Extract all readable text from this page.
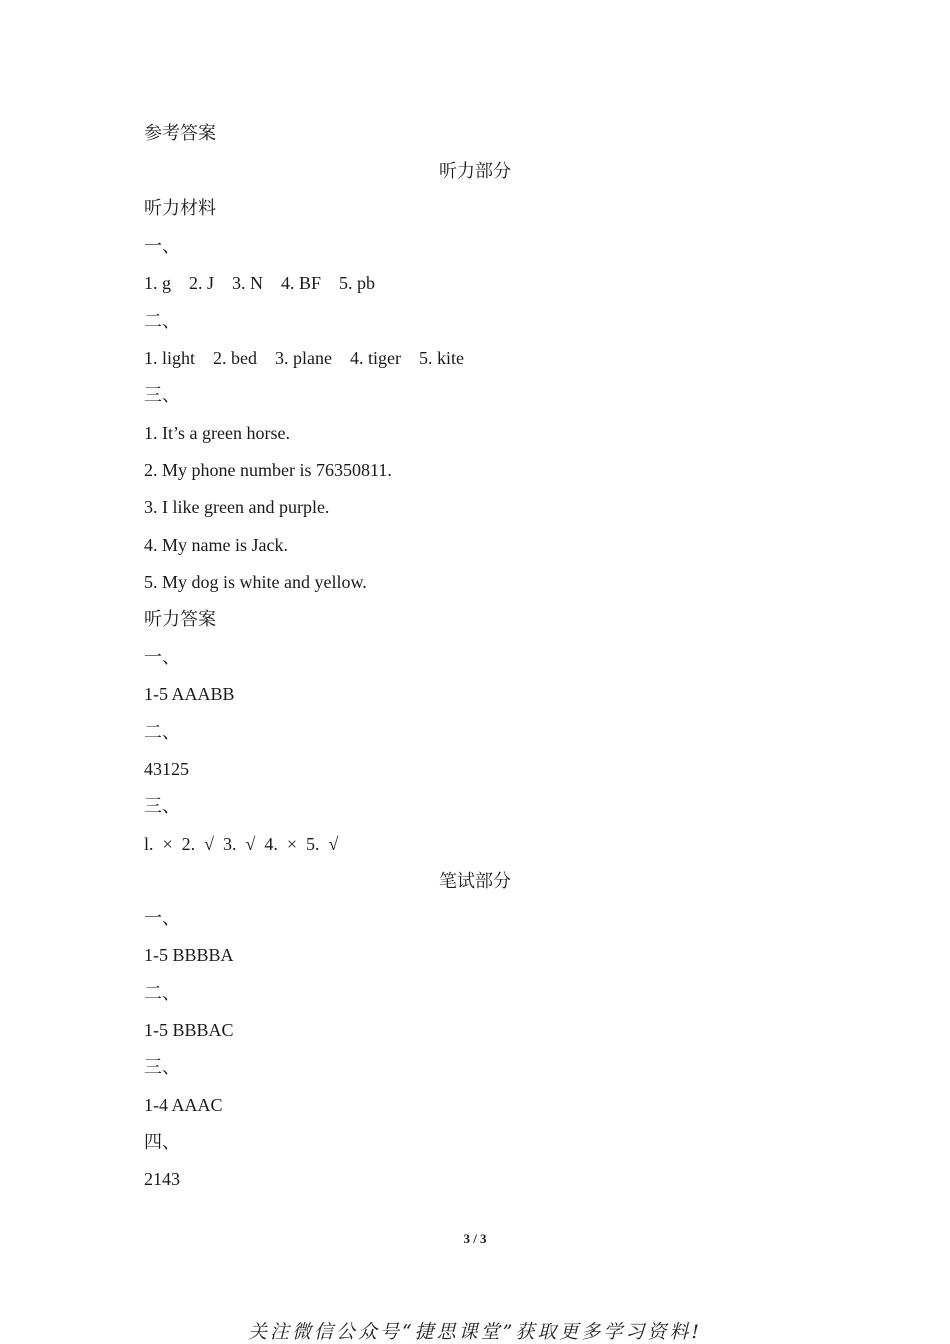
参考答案
听力部分
听力材料
一、
1. g    2. J    3. N    4. BF    5. pb
二、
1. light    2. bed    3. plane    4. tiger    5. kite
三、
1. It’s a green horse.
2. My phone number is 76350811.
3. I like green and purple.
4. My name is Jack.
5. My dog is white and yellow.
听力答案
一、
1-5 AAABB
二、
43125
三、
l.  ×  2.  √  3.  √  4.  ×  5.  √
笔试部分
一、
1-5 BBBBA
二、
1-5 BBBAC
三、
1-4 AAAC
四、
2143
3 / 3
关注微信公众号“捷思课堂”获取更多学习资料!
